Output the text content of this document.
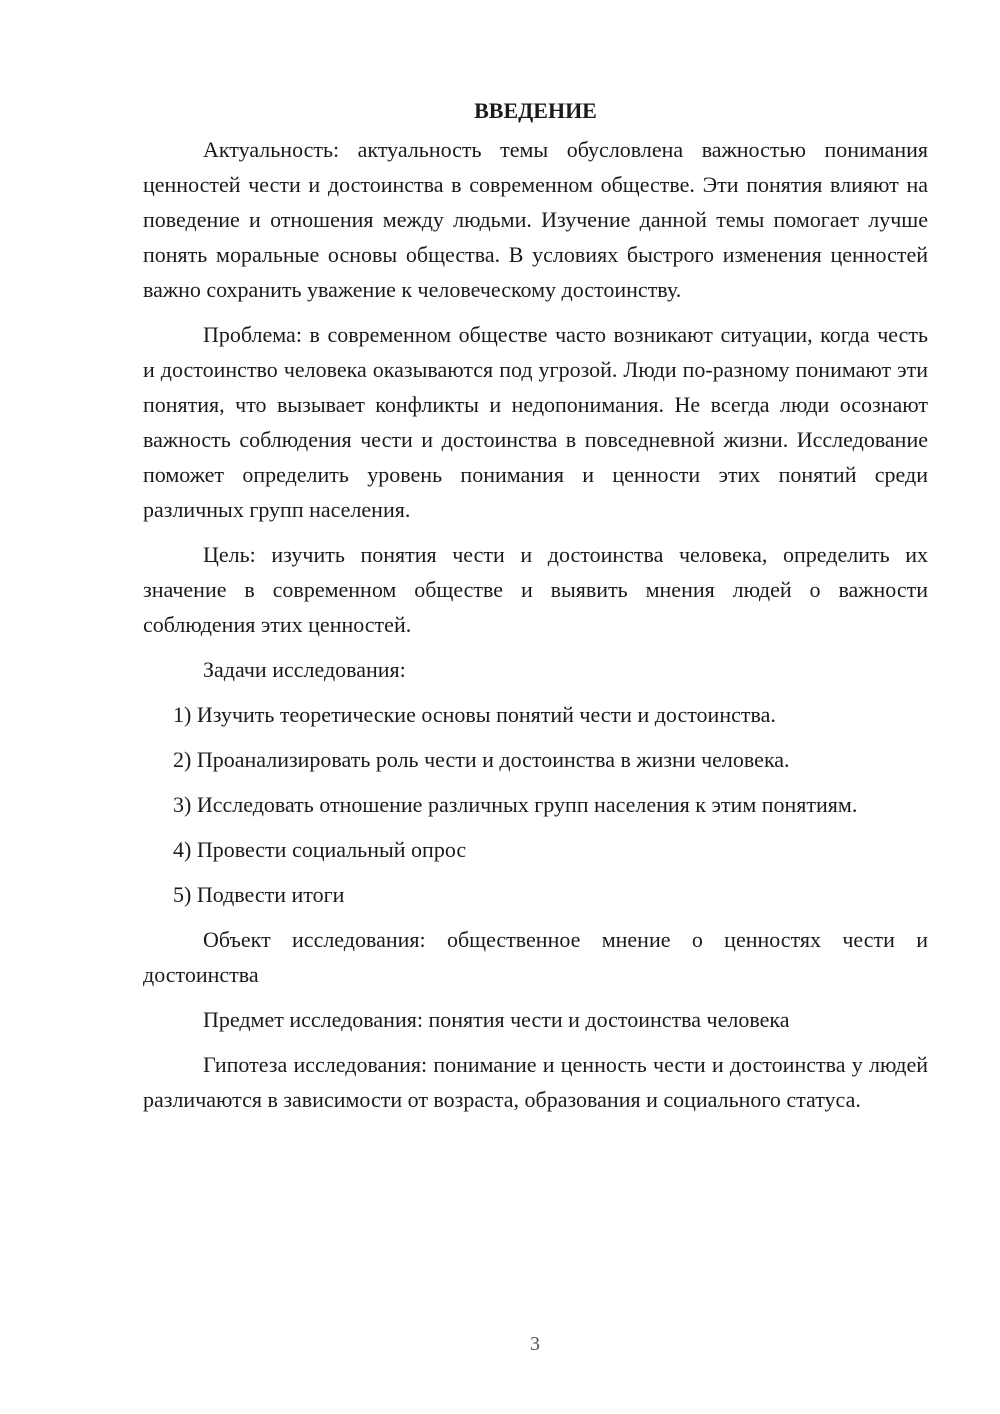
ВВЕДЕНИЕ

Актуальность: актуальность темы обусловлена важностью понимания ценностей чести и достоинства в современном обществе. Эти понятия влияют на поведение и отношения между людьми. Изучение данной темы помогает лучше понять моральные основы общества. В условиях быстрого изменения ценностей важно сохранить уважение к человеческому достоинству.

Проблема: в современном обществе часто возникают ситуации, когда честь и достоинство человека оказываются под угрозой. Люди по-разному понимают эти понятия, что вызывает конфликты и недопонимания. Не всегда люди осознают важность соблюдения чести и достоинства в повседневной жизни. Исследование поможет определить уровень понимания и ценности этих понятий среди различных групп населения.

Цель: изучить понятия чести и достоинства человека, определить их значение в современном обществе и выявить мнения людей о важности соблюдения этих ценностей.

Задачи исследования:

1) Изучить теоретические основы понятий чести и достоинства.

2) Проанализировать роль чести и достоинства в жизни человека.

3) Исследовать отношение различных групп населения к этим понятиям.

4) Провести социальный опрос

5) Подвести итоги

Объект исследования: общественное мнение о ценностях чести и достоинства

Предмет исследования: понятия чести и достоинства человека

Гипотеза исследования: понимание и ценность чести и достоинства у людей различаются в зависимости от возраста, образования и социального статуса.

3
